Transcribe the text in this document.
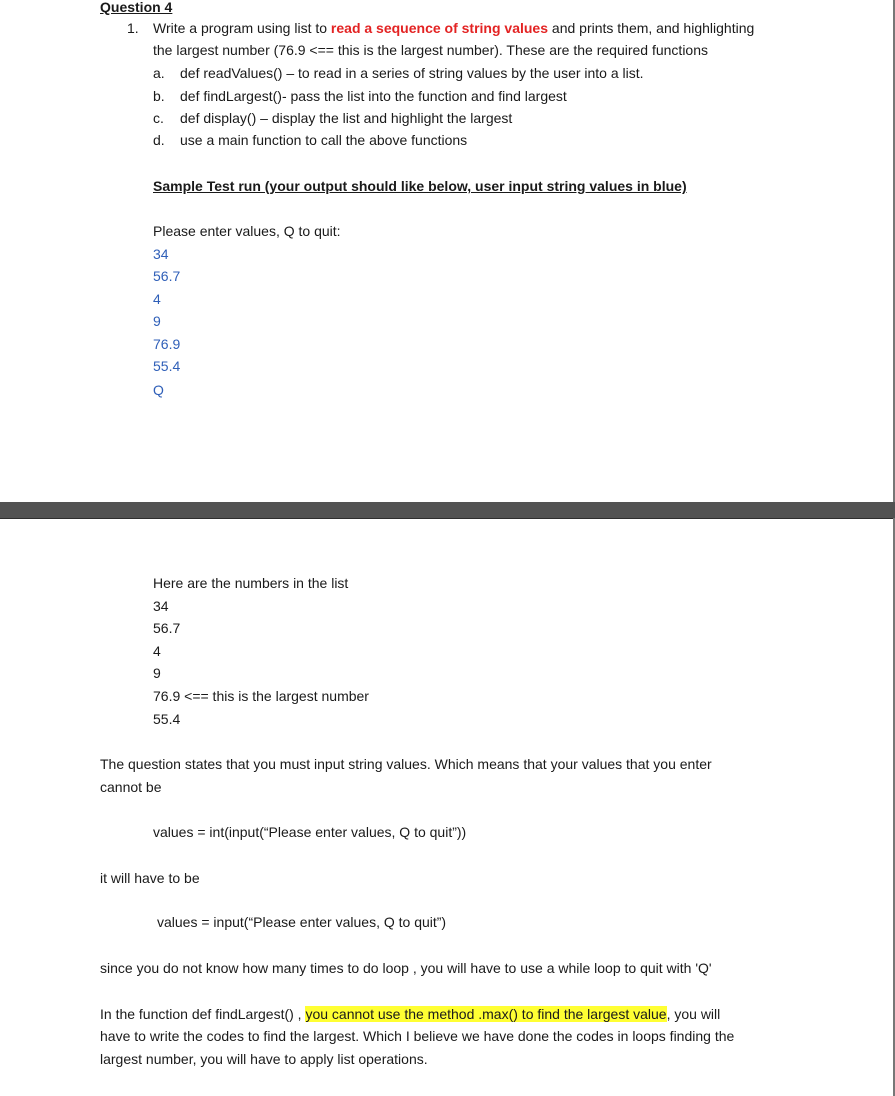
Question 4
1. Write a program using list to read a sequence of string values and prints them, and highlighting
the largest number (76.9 <== this is the largest number). These are the required functions
a. def readValues() – to read in a series of string values by the user into a list.
b. def findLargest()- pass the list into the function and find largest
c. def display() – display the list and highlight the largest
d. use a main function to call the above functions
Sample Test run (your output should like below, user input string values in blue)
Please enter values, Q to quit:
34
56.7
4
9
76.9
55.4
Q
Here are the numbers in the list
34
56.7
4
9
76.9 <== this is the largest number
55.4
The question states that you must input string values. Which means that your values that you enter
cannot be
values = int(input(“Please enter values, Q to quit”))
it will have to be
values = input(“Please enter values, Q to quit”)
since you do not know how many times to do loop , you will have to use a while loop to quit with 'Q'
In the function def findLargest() , you cannot use the method .max() to find the largest value, you will
have to write the codes to find the largest. Which I believe we have done the codes in loops finding the
largest number, you will have to apply list operations.
